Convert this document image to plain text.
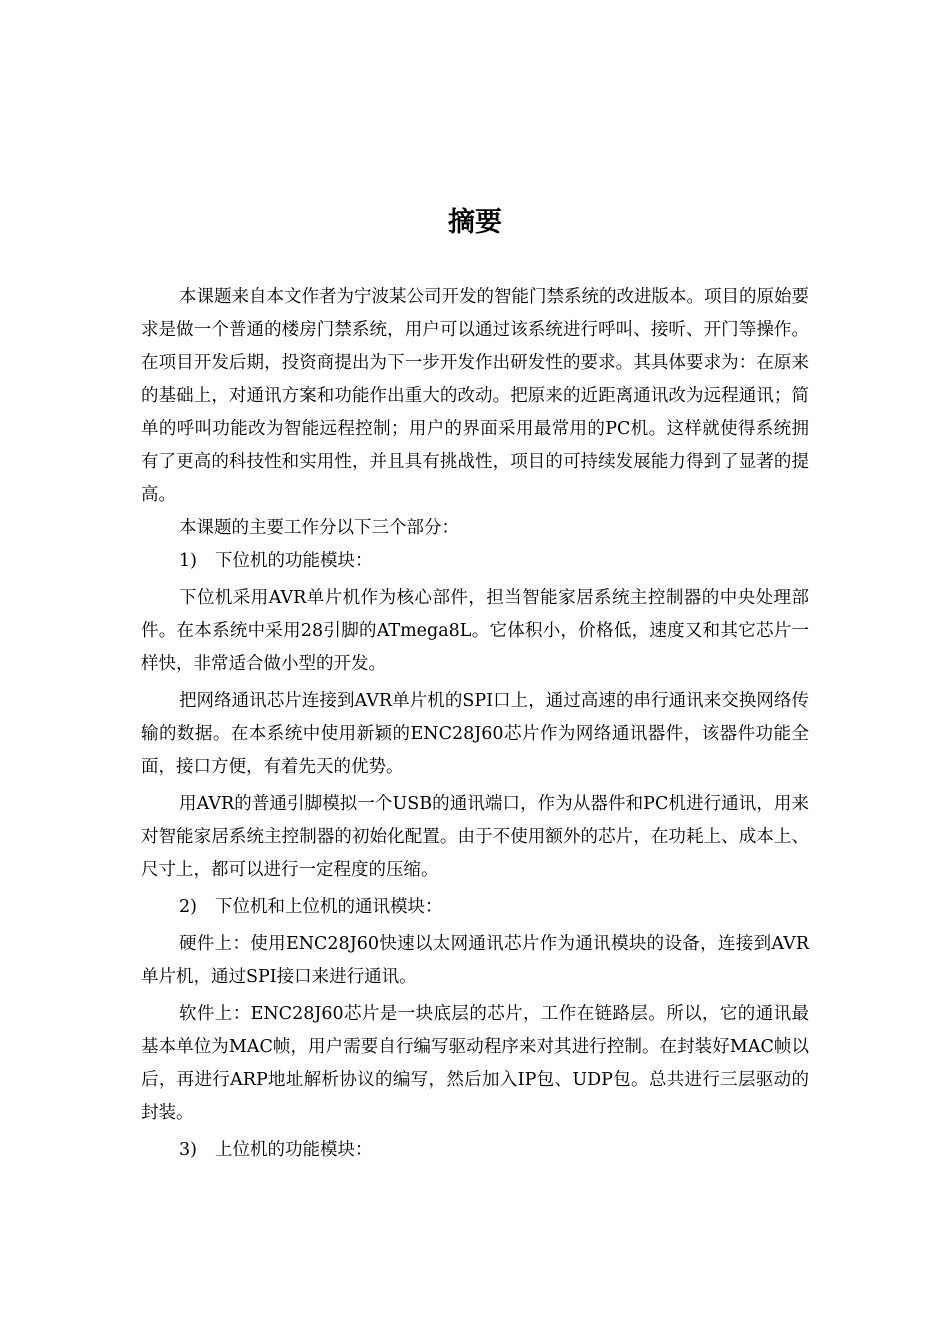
摘要

本课题来自本文作者为宁波某公司开发的智能门禁系统的改进版本。项目的原始要求是做一个普通的楼房门禁系统，用户可以通过该系统进行呼叫、接听、开门等操作。在项目开发后期，投资商提出为下一步开发作出研发性的要求。其具体要求为：在原来的基础上，对通讯方案和功能作出重大的改动。把原来的近距离通讯改为远程通讯；简单的呼叫功能改为智能远程控制；用户的界面采用最常用的PC机。这样就使得系统拥有了更高的科技性和实用性，并且具有挑战性，项目的可持续发展能力得到了显著的提高。

本课题的主要工作分以下三个部分：

1) 下位机的功能模块：

下位机采用AVR单片机作为核心部件，担当智能家居系统主控制器的中央处理部件。在本系统中采用28引脚的ATmega8L。它体积小，价格低，速度又和其它芯片一样快，非常适合做小型的开发。

把网络通讯芯片连接到AVR单片机的SPI口上，通过高速的串行通讯来交换网络传输的数据。在本系统中使用新颖的ENC28J60芯片作为网络通讯器件，该器件功能全面，接口方便，有着先天的优势。

用AVR的普通引脚模拟一个USB的通讯端口，作为从器件和PC机进行通讯，用来对智能家居系统主控制器的初始化配置。由于不使用额外的芯片，在功耗上、成本上、尺寸上，都可以进行一定程度的压缩。

2) 下位机和上位机的通讯模块：

硬件上：使用ENC28J60快速以太网通讯芯片作为通讯模块的设备，连接到AVR单片机，通过SPI接口来进行通讯。

软件上：ENC28J60芯片是一块底层的芯片，工作在链路层。所以，它的通讯最基本单位为MAC帧，用户需要自行编写驱动程序来对其进行控制。在封装好MAC帧以后，再进行ARP地址解析协议的编写，然后加入IP包、UDP包。总共进行三层驱动的封装。

3) 上位机的功能模块：
